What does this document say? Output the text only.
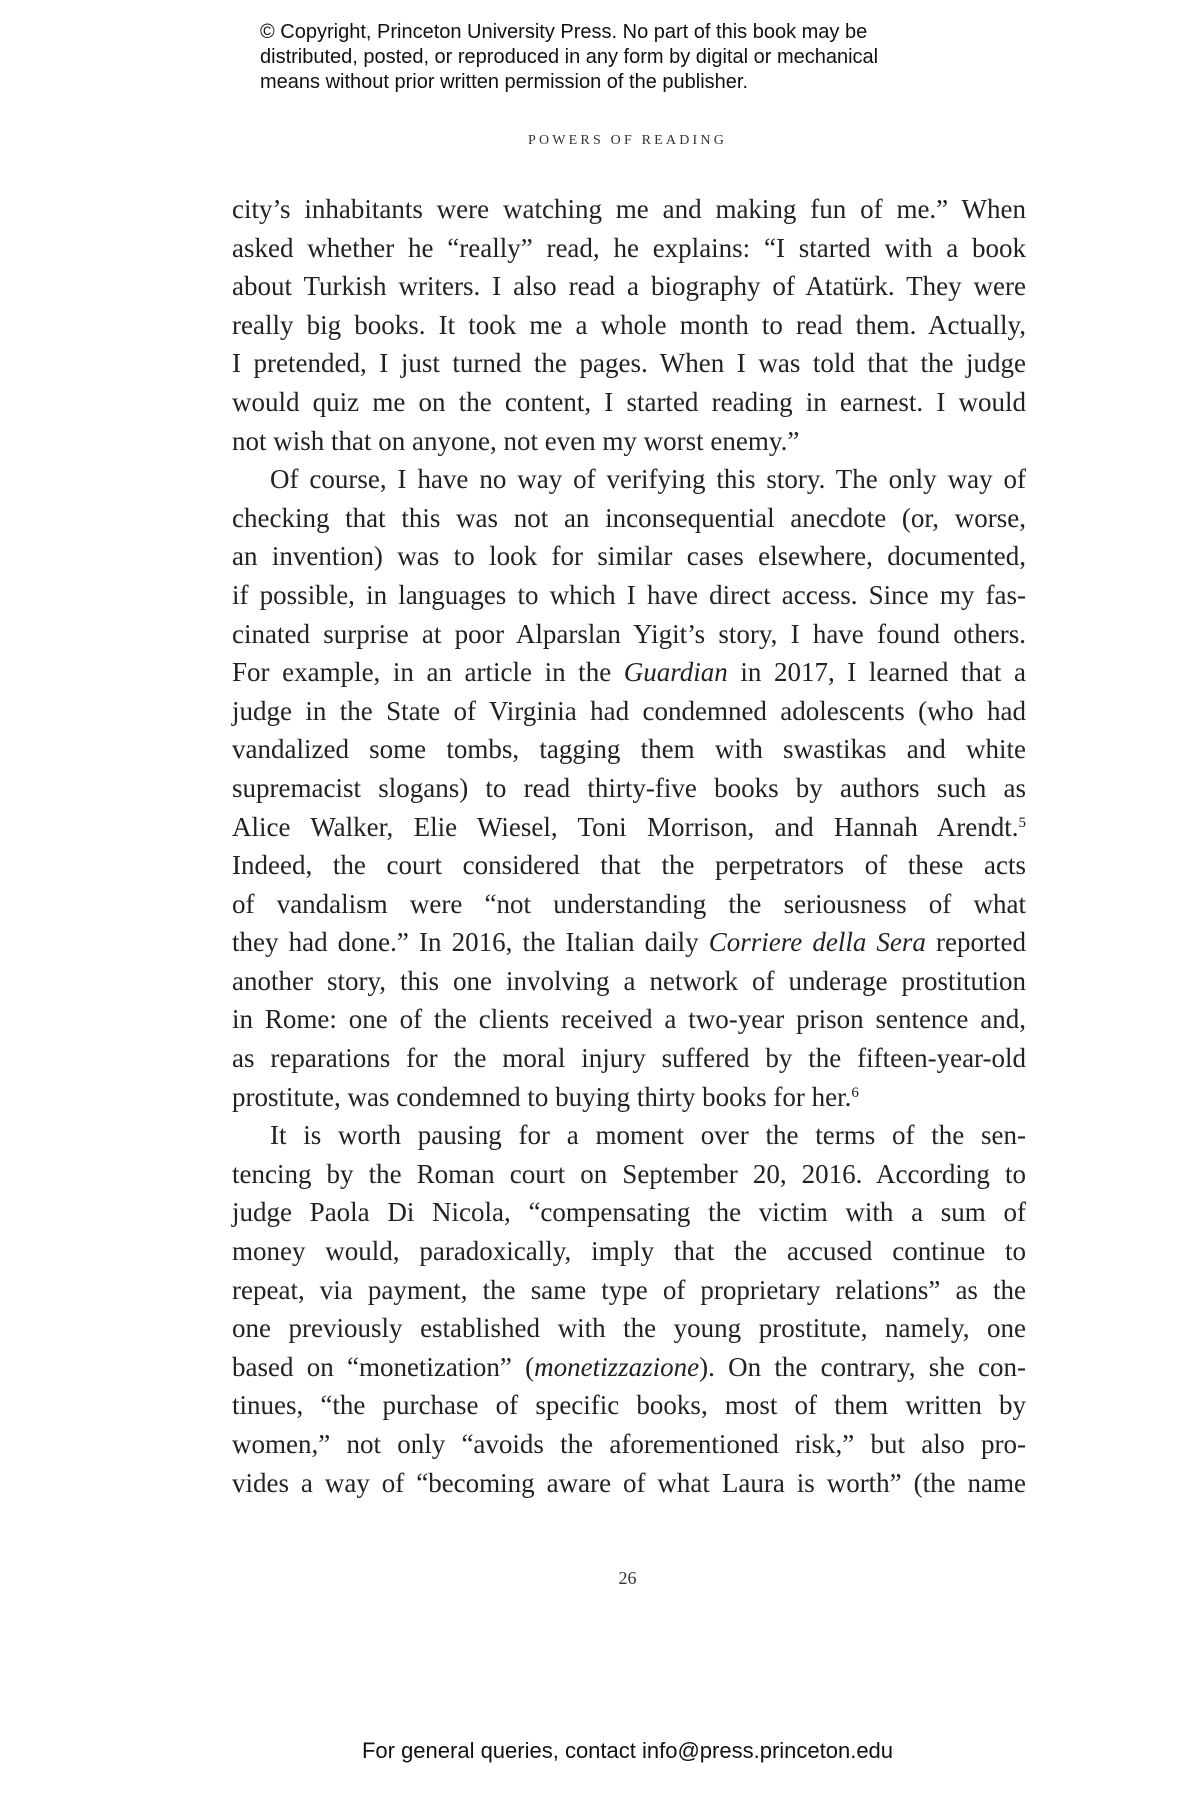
© Copyright, Princeton University Press. No part of this book may be
distributed, posted, or reproduced in any form by digital or mechanical
means without prior written permission of the publisher.
POWERS OF READING
city’s inhabitants were watching me and making fun of me.” When
asked whether he “really” read, he explains: “I started with a book
about Turkish writers. I also read a biography of Atatürk. They were
really big books. It took me a whole month to read them. Actually,
I pretended, I just turned the pages. When I was told that the judge
would quiz me on the content, I started reading in earnest. I would
not wish that on anyone, not even my worst enemy.”
Of course, I have no way of verifying this story. The only way of
checking that this was not an inconsequential anecdote (or, worse,
an invention) was to look for similar cases elsewhere, documented,
if possible, in languages to which I have direct access. Since my fas-
cinated surprise at poor Alparslan Yigit’s story, I have found others.
For example, in an article in the Guardian in 2017, I learned that a
judge in the State of Virginia had condemned adolescents (who had
vandalized some tombs, tagging them with swastikas and white
supremacist slogans) to read thirty-five books by authors such as
Alice Walker, Elie Wiesel, Toni Morrison, and Hannah Arendt.$^5$
Indeed, the court considered that the perpetrators of these acts
of vandalism were “not understanding the seriousness of what
they had done.” In 2016, the Italian daily Corriere della Sera reported
another story, this one involving a network of underage prostitution
in Rome: one of the clients received a two-year prison sentence and,
as reparations for the moral injury suffered by the fifteen-year-old
prostitute, was condemned to buying thirty books for her.$^6$
It is worth pausing for a moment over the terms of the sen-
tencing by the Roman court on September 20, 2016. According to
judge Paola Di Nicola, “compensating the victim with a sum of
money would, paradoxically, imply that the accused continue to
repeat, via payment, the same type of proprietary relations” as the
one previously established with the young prostitute, namely, one
based on “monetization” (monetizzazione). On the contrary, she con-
tinues, “the purchase of specific books, most of them written by
women,” not only “avoids the aforementioned risk,” but also pro-
vides a way of “becoming aware of what Laura is worth” (the name
26
For general queries, contact info@press.princeton.edu
